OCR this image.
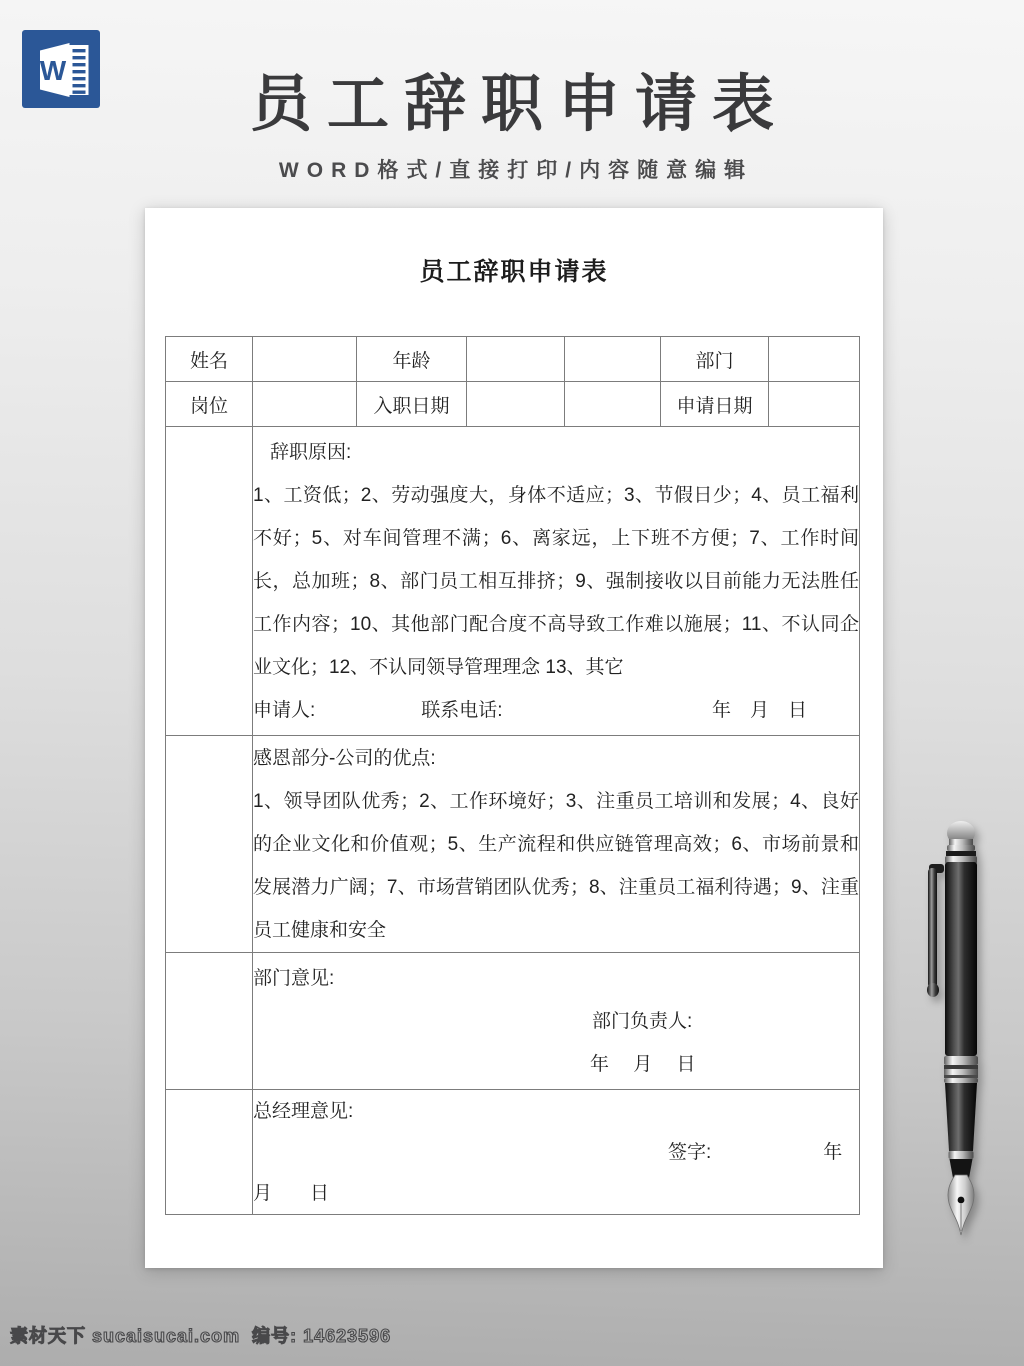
W	员工辞职申请表
WORD格式/直接打印/内容随意编辑
员工辞职申请表
姓名		年龄			部门	
岗位		入职日期			申请日期	

	辞职原因:
1、工资低；2、劳动强度大，身体不适应；3、节假日少；4、员工福利不好；5、对车间管理不满；6、离家远，上下班不方便；7、工作时间长，总加班；8、部门员工相互排挤；9、强制接收以目前能力无法胜任工作内容；10、其他部门配合度不高导致工作难以施展；11、不认同企业文化；12、不认同领导管理理念 13、其它
申请人: 联系电话: 年　月　日					

	感恩部分-公司的优点:
1、领导团队优秀；2、工作环境好；3、注重员工培训和发展；4、良好的企业文化和价值观；5、生产流程和供应链管理高效；6、市场前景和发展潜力广阔；7、市场营销团队优秀；8、注重员工福利待遇；9、注重员工健康和安全					

	部门意见:
部门负责人:
年 　月 　日					

	总经理意见:
签字: 年
月　　日					
素材天下 sucaisucai.com 编号: 14623596
